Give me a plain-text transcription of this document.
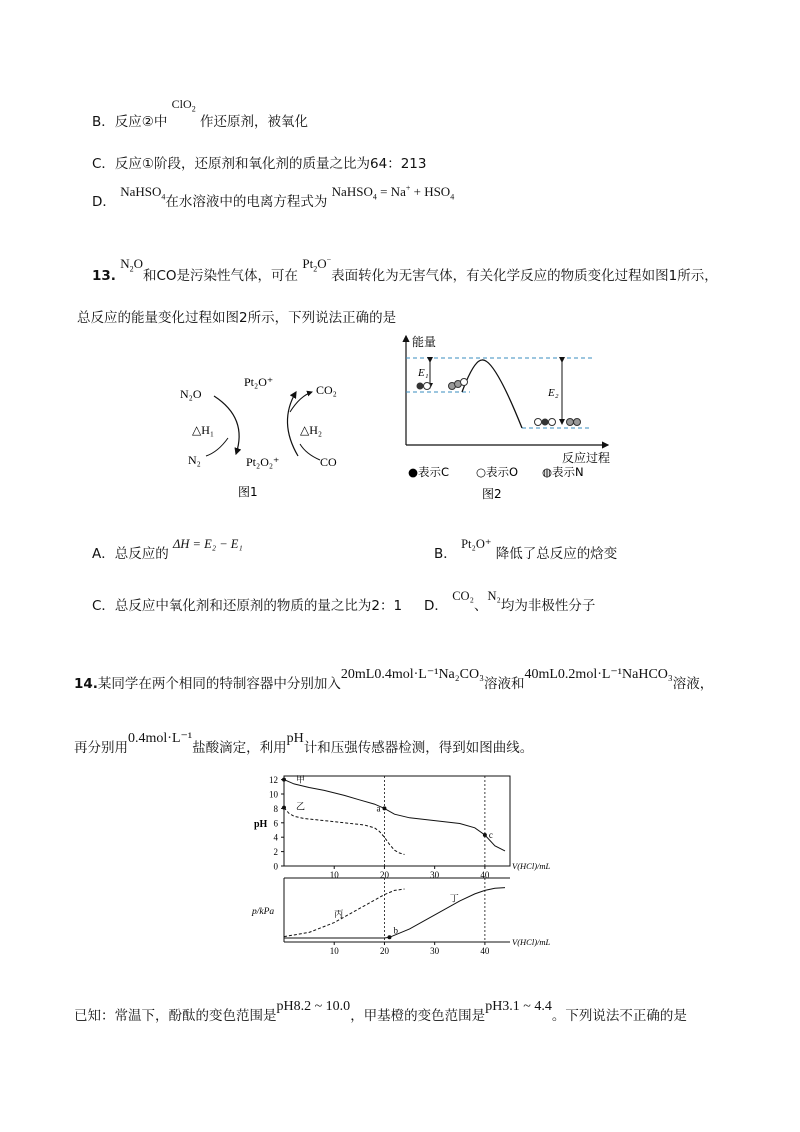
B．反应②中 ClO$_2$ 作还原剂，被氧化
C．反应①阶段，还原剂和氧化剂的质量之比为64：213
D． NaHSO$_4$在水溶液中的电离方程式为 NaHSO$_4$ = $Na^+ + HSO_4$
13. $N_2O$和CO是污染性气体，可在 $Pt_2O^-$表面转化为无害气体，有关化学反应的物质变化过程如图1所示，
总反应的能量变化过程如图2所示，下列说法正确的是
N₂O
Pt₂O⁺
CO₂
△H₁	△H₂
N₂	Pt₂O₂⁺	CO
图1
能量
反应过程
E₁
E₂
●表示C ○表示O ◍表示N
图2
A．总反应的 ΔH = E₂ − E₁
B． Pt₂O⁺ 降低了总反应的焓变
C．总反应中氧化剂和还原剂的物质的量之比为2：1 D． CO₂、N₂均为非极性分子
14.某同学在两个相同的特制容器中分别加入20mL0.4mol·L⁻¹Na₂CO₃溶液和40mL0.2mol·L⁻¹NaHCO₃溶液，
再分别用0.4mol·L⁻¹盐酸滴定，利用pH计和压强传感器检测，得到如图曲线。
0
2
4
6
8
10
12
10	20	30	40
pH
V(HCl)/mL
甲
乙	a
c
10	20	30	40
p/kPa
V(HCl)/mL
丙
丁
b
已知：常温下，酚酞的变色范围是pH8.2 ~ 10.0，甲基橙的变色范围是pH3.1 ~ 4.4。下列说法不正确的是
